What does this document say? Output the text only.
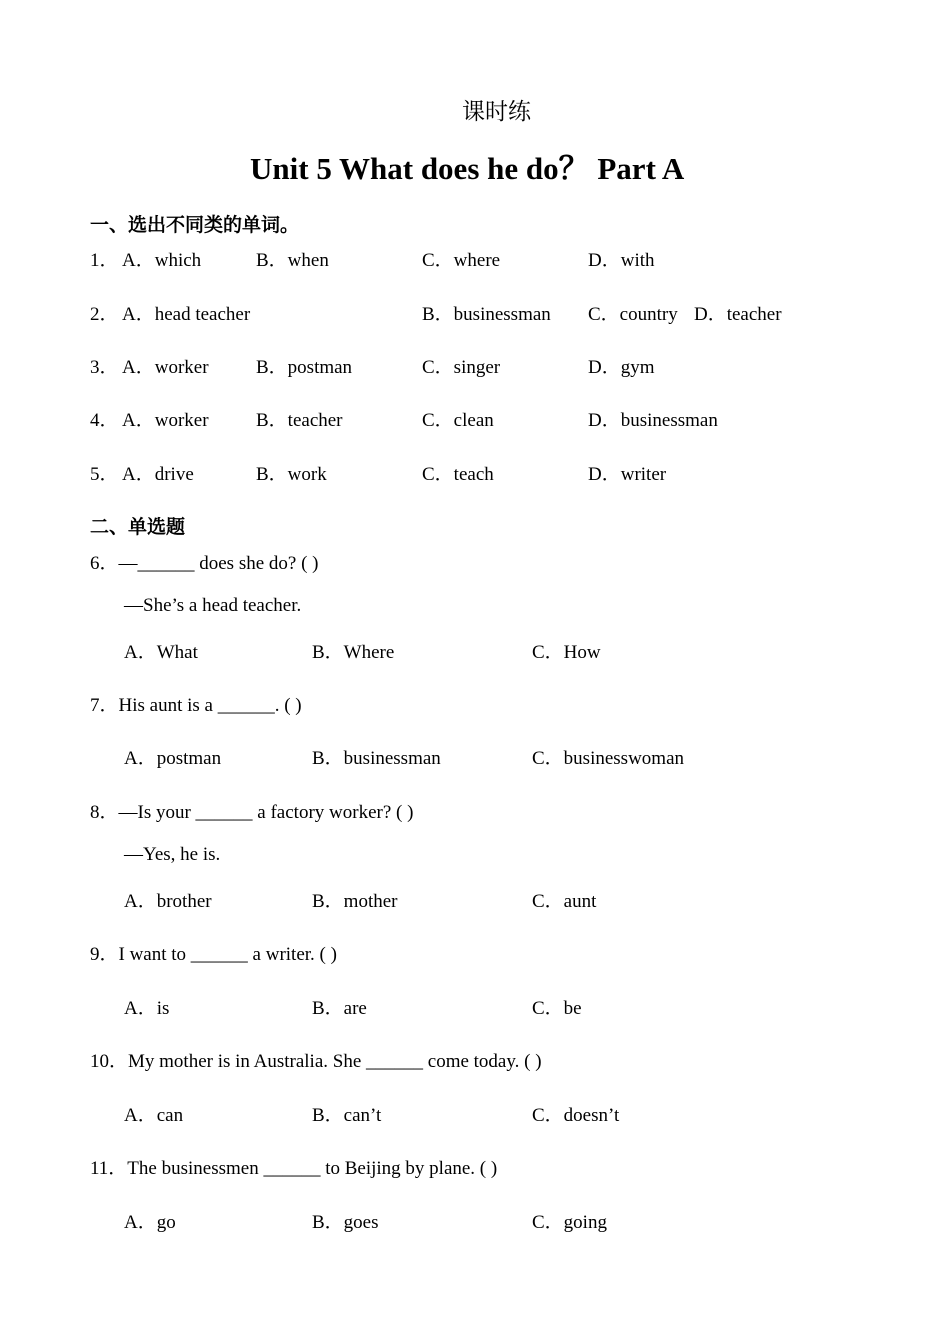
课时练
Unit 5 What does he do？ Part A
一、选出不同类的单词。
1． A．which	B．when	C．where	D．with
2． A．head teacher	B．businessman C．country D．teacher
3． A．worker B．postman	C．singer	D．gym
4． A．worker B．teacher	C．clean	D．businessman
5． A．drive	B．work	C．teach	D．writer
二、单选题
6．—______ does she do? ( )
—She’s a head teacher.
A．What	B．Where	C．How
7．His aunt is a ______. ( )
A．postman	B．businessman	C．businesswoman
8．—Is your ______ a factory worker? ( )
—Yes, he is.
A．brother	B．mother	C．aunt
9．I want to ______ a writer. ( )
A．is	B．are	C．be
10．My mother is in Australia. She ______ come today. ( )
A．can	B．can’t	C．doesn’t
11．The businessmen ______ to Beijing by plane. ( )
A．go	B．goes	C．going
